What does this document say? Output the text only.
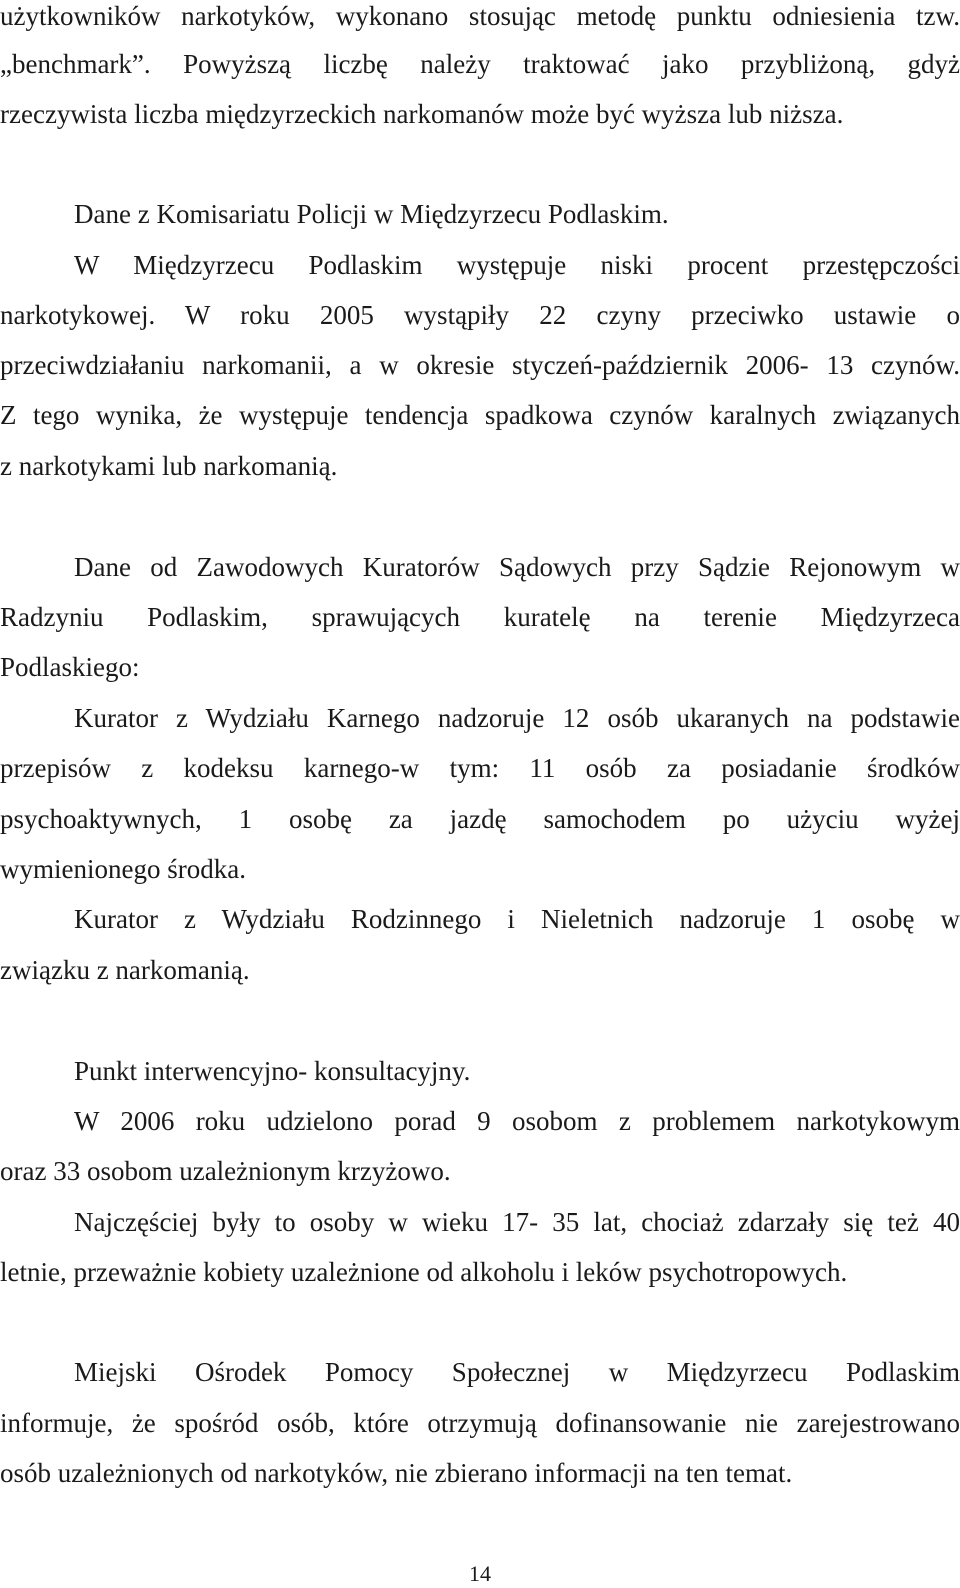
użytkowników narkotyków, wykonano stosując metodę punktu odniesienia tzw.

„benchmark”. Powyższą liczbę należy traktować jako przybliżoną, gdyż

rzeczywista liczba międzyrzeckich narkomanów może być wyższa lub niższa.

Dane z Komisariatu Policji w Międzyrzecu Podlaskim.

W Międzyrzecu Podlaskim występuje niski procent przestępczości

narkotykowej. W roku 2005 wystąpiły 22 czyny przeciwko ustawie o

przeciwdziałaniu narkomanii, a w okresie styczeń-październik 2006- 13 czynów.

Z tego wynika, że występuje tendencja spadkowa czynów karalnych związanych

z narkotykami lub narkomanią.

Dane od Zawodowych Kuratorów Sądowych przy Sądzie Rejonowym w

Radzyniu Podlaskim, sprawujących kuratelę na terenie Międzyrzeca

Podlaskiego:

Kurator z Wydziału Karnego nadzoruje 12 osób ukaranych na podstawie

przepisów z kodeksu karnego-w tym: 11 osób za posiadanie środków

psychoaktywnych, 1 osobę za jazdę samochodem po użyciu wyżej

wymienionego środka.

Kurator z Wydziału Rodzinnego i Nieletnich nadzoruje 1 osobę w

związku z narkomanią.

Punkt interwencyjno- konsultacyjny.

W 2006 roku udzielono porad 9 osobom z problemem narkotykowym

oraz 33 osobom uzależnionym krzyżowo.

Najczęściej były to osoby w wieku 17- 35 lat, chociaż zdarzały się też 40

letnie, przeważnie kobiety uzależnione od alkoholu i leków psychotropowych.

Miejski Ośrodek Pomocy Społecznej w Międzyrzecu Podlaskim

informuje, że spośród osób, które otrzymują dofinansowanie nie zarejestrowano

osób uzależnionych od narkotyków, nie zbierano informacji na ten temat.

14
